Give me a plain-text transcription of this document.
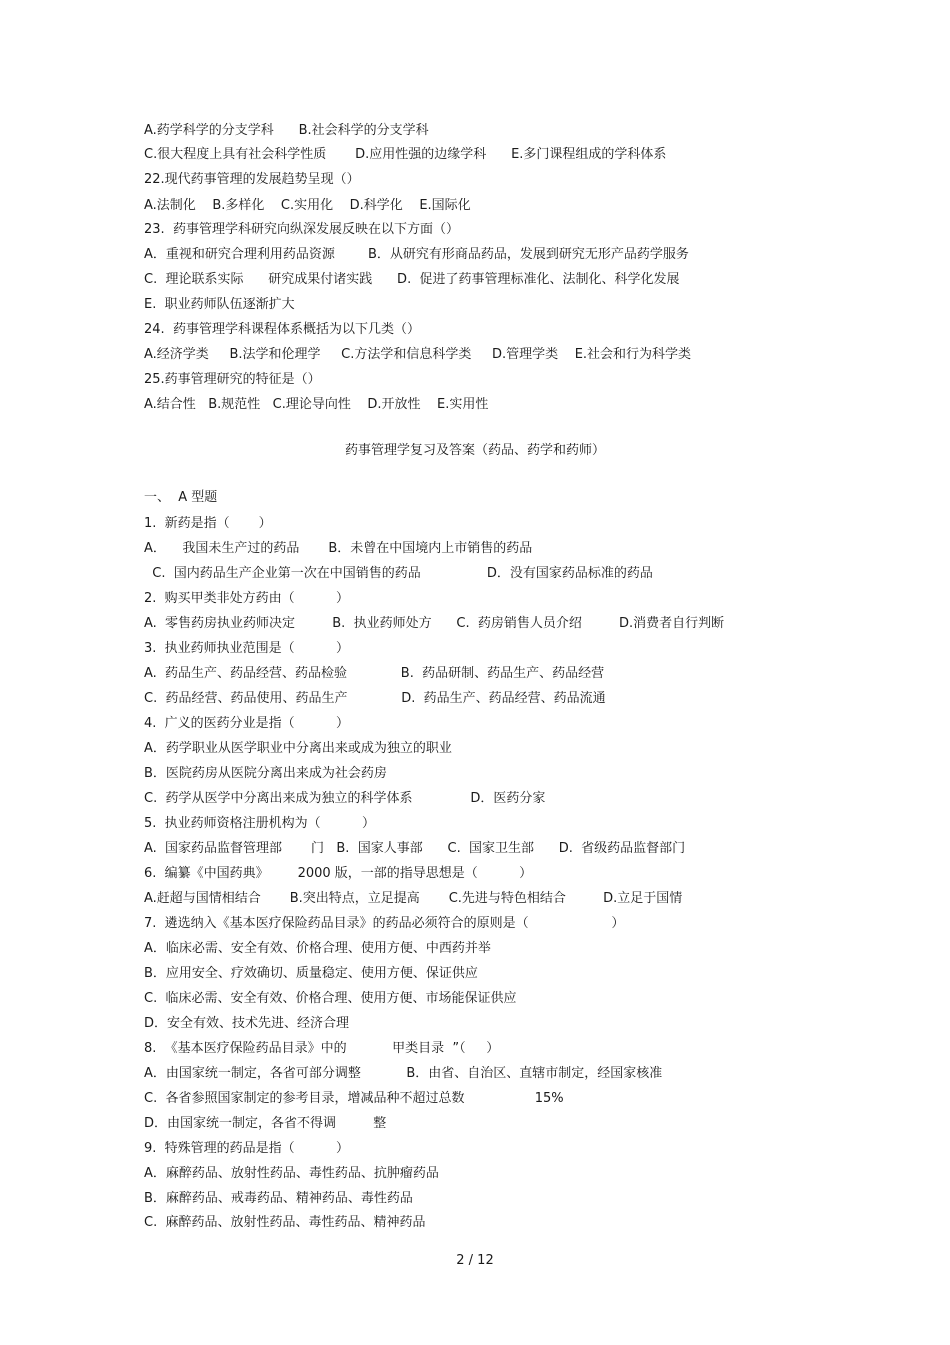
A.药学科学的分支学科      B.社会科学的分支学科
C.很大程度上具有社会科学性质       D.应用性强的边缘学科      E.多门课程组成的学科体系
22.现代药事管理的发展趋势呈现（）
A.法制化    B.多样化    C.实用化    D.科学化    E.国际化
23.  药事管理学科研究向纵深发展反映在以下方面（）
A．重视和研究合理利用药品资源        B．从研究有形商品药品，发展到研究无形产品药学服务
C.  理论联系实际      研究成果付诸实践      D.  促进了药事管理标准化、法制化、科学化发展
E.  职业药师队伍逐渐扩大
24.  药事管理学科课程体系概括为以下几类（）
A.经济学类     B.法学和伦理学     C.方法学和信息科学类     D.管理学类    E.社会和行为科学类
25.药事管理研究的特征是（）
A.结合性   B.规范性   C.理论导向性    D.开放性    E.实用性
药事管理学复习及答案（药品、药学和药师）
一、  A 型题
1.  新药是指（       ）
A．    我国未生产过的药品       B．未曾在中国境内上市销售的药品
C.  国内药品生产企业第一次在中国销售的药品                D．没有国家药品标准的药品
2.  购买甲类非处方药由（          ）
A.  零售药房执业药师决定         B.  执业药师处方      C.  药房销售人员介绍         D.消费者自行判断
3.  执业药师执业范围是（          ）
A.  药品生产、药品经营、药品检验             B.  药品研制、药品生产、药品经营
C.  药品经营、药品使用、药品生产             D.  药品生产、药品经营、药品流通
4.  广义的医药分业是指（          ）
A．药学职业从医学职业中分离出来或成为独立的职业
B．医院药房从医院分离出来成为社会药房
C.  药学从医学中分离出来成为独立的科学体系              D．医药分家
5.  执业药师资格注册机构为（          ）
A.  国家药品监督管理部       门   B.  国家人事部      C.  国家卫生部      D.  省级药品监督部门
6.  编纂《中国药典》       2000 版，一部的指导思想是（          ）
A.赶超与国情相结合       B.突出特点，立足提高       C.先进与特色相结合         D.立足于国情
7.  遴选纳入《基本医疗保险药品目录》的药品必须符合的原则是（                    ）
A．临床必需、安全有效、价格合理、使用方便、中西药并举
B．应用安全、疗效确切、质量稳定、使用方便、保证供应
C.  临床必需、安全有效、价格合理、使用方便、市场能保证供应
D．安全有效、技术先进、经济合理
8.  《基本医疗保险药品目录》中的           甲类目录  ”（     ）
A．由国家统一制定，各省可部分调整           B．由省、自治区、直辖市制定，经国家核准
C.  各省参照国家制定的参考目录，增减品种不超过总数                 15%
D．由国家统一制定，各省不得调         整
9.  特殊管理的药品是指（          ）
A．麻醉药品、放射性药品、毒性药品、抗肿瘤药品
B．麻醉药品、戒毒药品、精神药品、毒性药品
C.  麻醉药品、放射性药品、毒性药品、精神药品
2 / 12
